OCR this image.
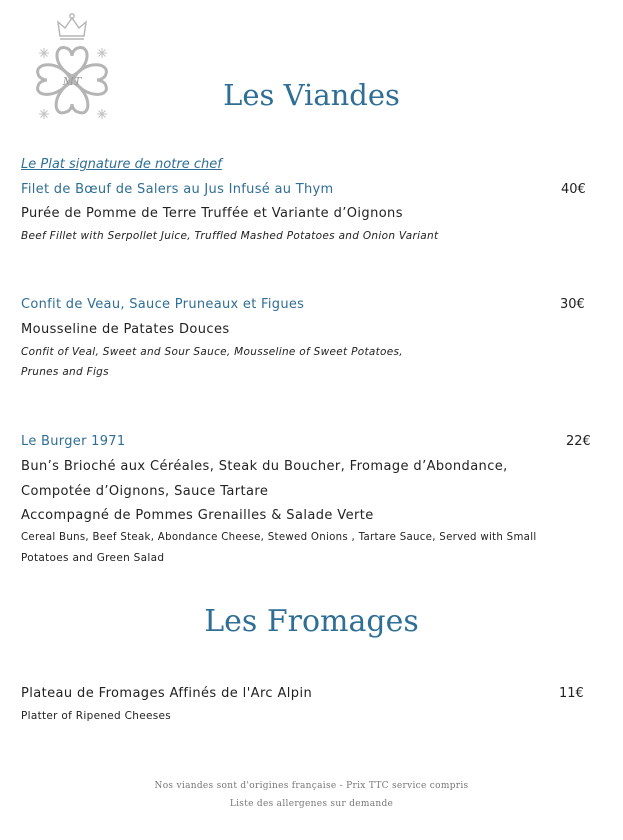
MT	Les Viandes
Le Plat signature de notre chef
Filet de Bœuf de Salers au Jus Infusé au Thym	40€
Purée de Pomme de Terre Truffée et Variante d’Oignons
Beef Fillet with Serpollet Juice, Truffled Mashed Potatoes and Onion Variant
Confit de Veau, Sauce Pruneaux et Figues	30€
Mousseline de Patates Douces
Confit of Veal, Sweet and Sour Sauce, Mousseline of Sweet Potatoes,
Prunes and Figs
Le Burger 1971	22€
Bun’s Brioché aux Céréales, Steak du Boucher, Fromage d’Abondance,
Compotée d’Oignons, Sauce Tartare
Accompagné de Pommes Grenailles & Salade Verte
Cereal Buns, Beef Steak, Abondance Cheese, Stewed Onions , Tartare Sauce, Served with Small
Potatoes and Green Salad
Les Fromages
Plateau de Fromages Affinés de l'Arc Alpin	11€
Platter of Ripened Cheeses
Nos viandes sont d'origines française - Prix TTC service compris
Liste des allergenes sur demande
